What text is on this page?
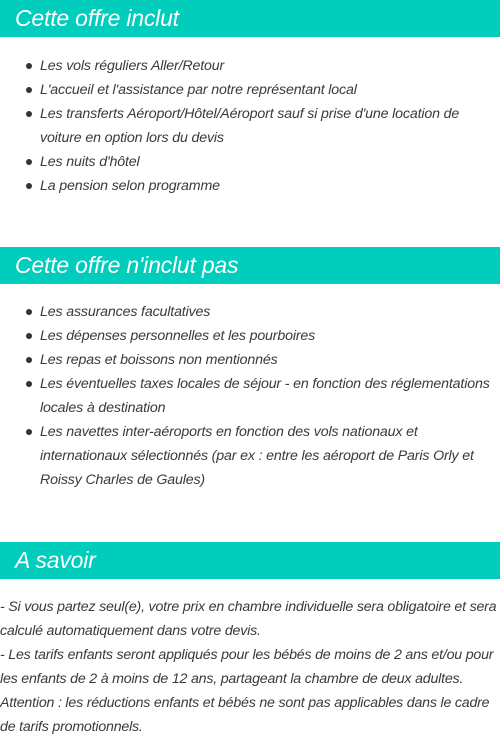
Cette offre inclut
Les vols réguliers Aller/Retour
L'accueil et l'assistance par notre représentant local
Les transferts Aéroport/Hôtel/Aéroport sauf si prise d'une location de voiture en option lors du devis
Les nuits d'hôtel
La pension selon programme
Cette offre n'inclut pas
Les assurances facultatives
Les dépenses personnelles et les pourboires
Les repas et boissons non mentionnés
Les éventuelles taxes locales de séjour - en fonction des réglementations locales à destination
Les navettes inter-aéroports en fonction des vols nationaux et internationaux sélectionnés (par ex : entre les aéroport de Paris Orly et Roissy Charles de Gaules)
A savoir

- Si vous partez seul(e), votre prix en chambre individuelle sera obligatoire et sera calculé automatiquement dans votre devis.

- Les tarifs enfants seront appliqués pour les bébés de moins de 2 ans et/ou pour les enfants de 2 à moins de 12 ans, partageant la chambre de deux adultes.

Attention : les réductions enfants et bébés ne sont pas applicables dans le cadre de tarifs promotionnels.
